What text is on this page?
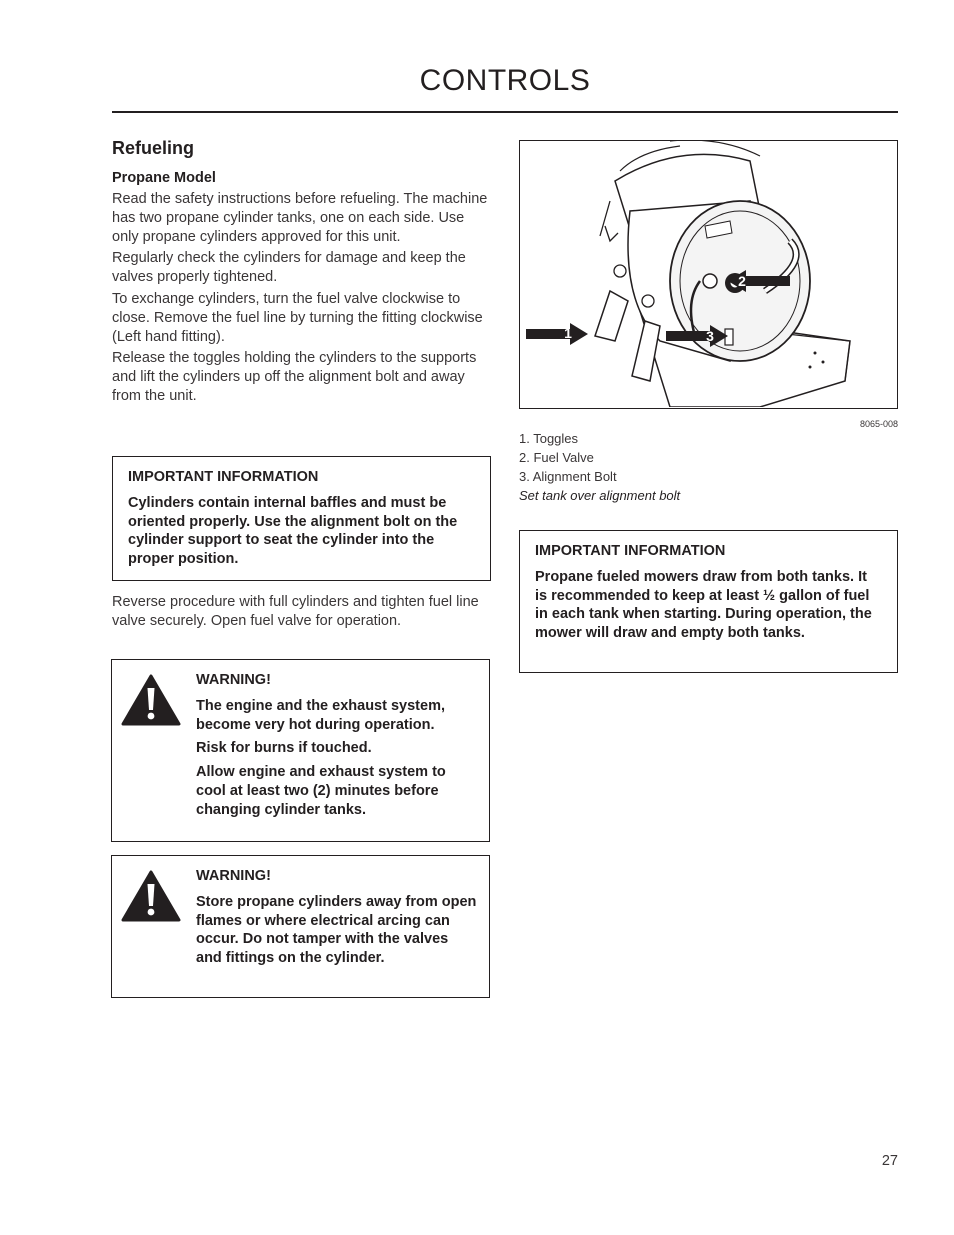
CONTROLS
Refueling
Propane Model

Read the safety instructions before refueling. The machine has two propane cylinder tanks, one on each side. Use only propane cylinders approved for this unit.

Regularly check the cylinders for damage and keep the valves properly tightened.

To exchange cylinders, turn the fuel valve clockwise to close. Remove the fuel line by turning the fitting clockwise (Left hand fitting).

Release the toggles holding the cylinders to the supports and lift the cylinders up off the alignment bolt and away from the unit.

IMPORTANT INFORMATION
Cylinders contain internal baffles and must be oriented properly. Use the alignment bolt on the cylinder support to seat the cylinder into the proper position.

Reverse procedure with full cylinders and tighten fuel line valve securely. Open fuel valve for operation.

WARNING!
The engine and the exhaust system, become very hot during operation.
Risk for burns if touched.
Allow engine and exhaust system to cool at least two (2) minutes before changing cylinder tanks.
WARNING!
Store propane cylinders away from open flames or where electrical arcing can occur. Do not tamper with the valves and fittings on the cylinder.
1
2
3
8065-008

1. Toggles

2. Fuel Valve

3. Alignment Bolt

Set tank over alignment bolt

IMPORTANT INFORMATION
Propane fueled mowers draw from both tanks. It is recommended to keep at least ½ gallon of fuel in each tank when starting. During operation, the mower will draw and empty both tanks.
27
